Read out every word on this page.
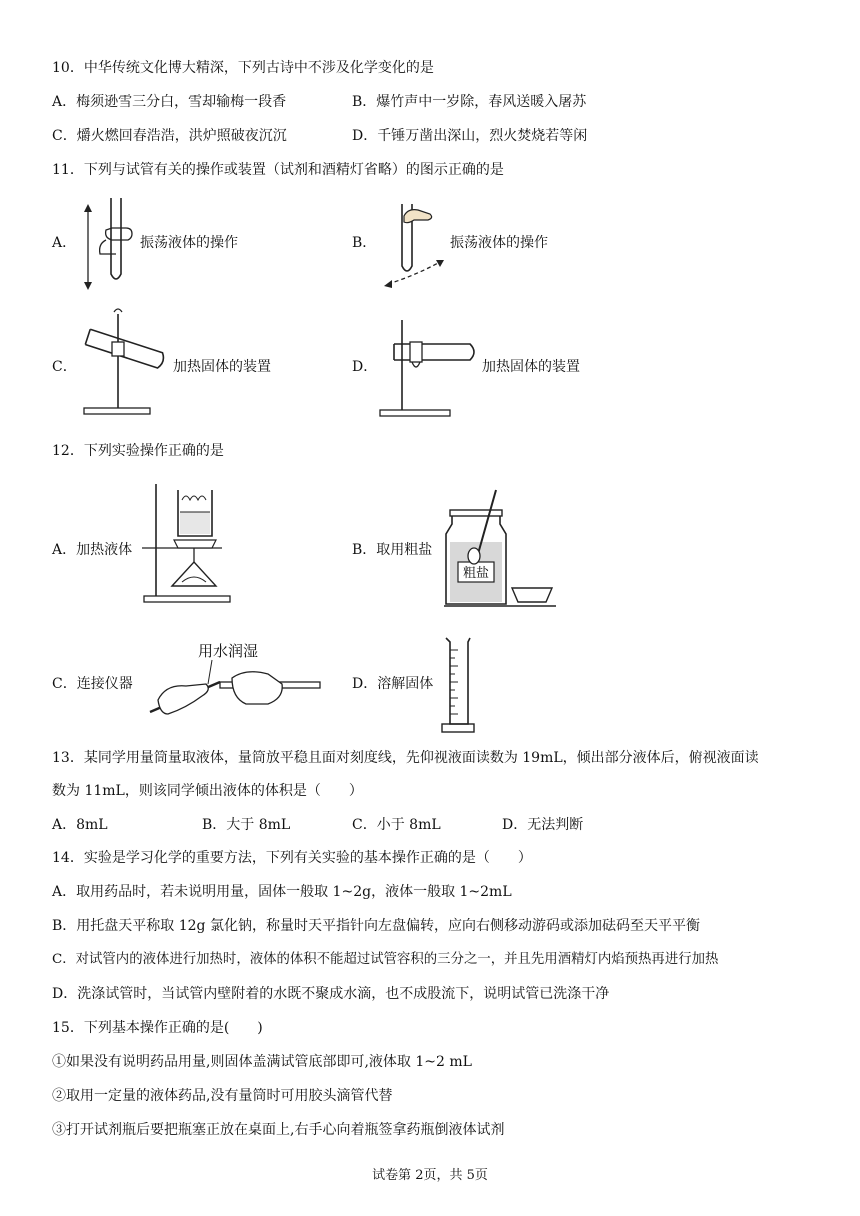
10．中华传统文化博大精深，下列古诗中不涉及化学变化的是
A．梅须逊雪三分白，雪却输梅一段香	B．爆竹声中一岁除，春风送暖入屠苏
C．爝火燃回春浩浩，洪炉照破夜沉沉	D．千锤万凿出深山，烈火焚烧若等闲
11．下列与试管有关的操作或装置（试剂和酒精灯省略）的图示正确的是
A．	振荡液体的操作	B．	振荡液体的操作
C．	加热固体的装置	D．	加热固体的装置
12．下列实验操作正确的是
A．加热液体	B．取用粗盐
粗盐
C．连接仪器
用水润湿
D．溶解固体
13．某同学用量筒量取液体，量筒放平稳且面对刻度线，先仰视液面读数为 19mL，倾出部分液体后，俯视液面读
数为 11mL，则该同学倾出液体的体积是（　　）
A．8mL	B．大于 8mL	C．小于 8mL	D．无法判断
14．实验是学习化学的重要方法，下列有关实验的基本操作正确的是（　　）
A．取用药品时，若未说明用量，固体一般取 1~2g，液体一般取 1~2mL
B．用托盘天平称取 12g 氯化钠，称量时天平指针向左盘偏转，应向右侧移动游码或添加砝码至天平平衡
C．对试管内的液体进行加热时，液体的体积不能超过试管容积的三分之一，并且先用酒精灯内焰预热再进行加热
D．洗涤试管时，当试管内壁附着的水既不聚成水滴，也不成股流下，说明试管已洗涤干净
15．下列基本操作正确的是(　　)
①如果没有说明药品用量,则固体盖满试管底部即可,液体取 1~2 mL
②取用一定量的液体药品,没有量筒时可用胶头滴管代替
③打开试剂瓶后要把瓶塞正放在桌面上,右手心向着瓶签拿药瓶倒液体试剂
试卷第 2页，共 5页
